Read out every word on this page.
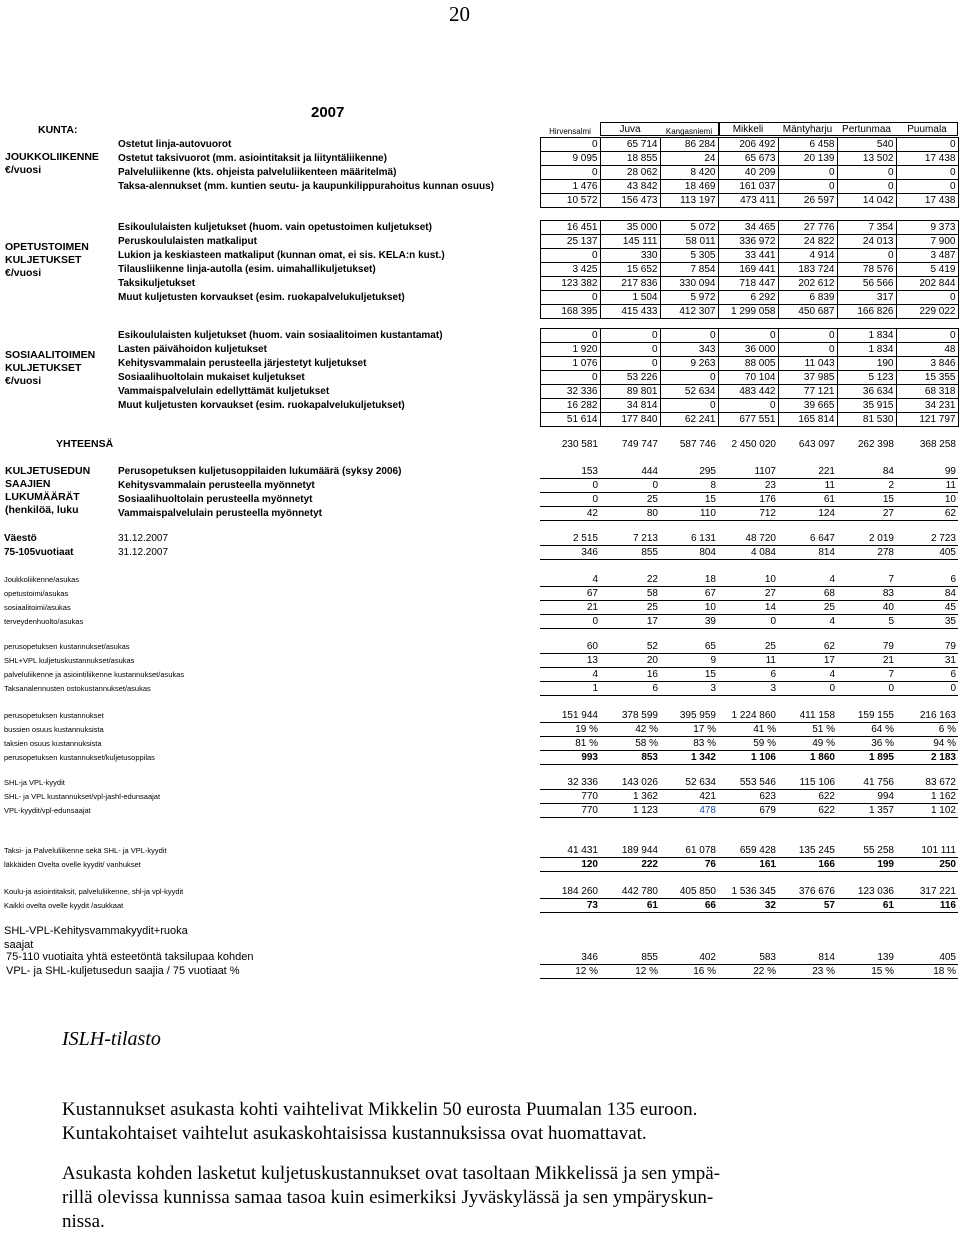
20
2007
Hirvensalmi	Juva	Kangasniemi	Mikkeli	Mäntyharju Pertunmaa	Puumala
KUNTA:
JOUKKOLIIKENNE
€/vuosi
OPETUSTOIMEN
KULJETUKSET
€/vuosi
SOSIAALITOIMEN
KULJETUKSET
€/vuosi
YHTEENSÄ
KULJETUSEDUN
SAAJIEN
LUKUMÄÄRÄT
(henkilöä, luku
Ostetut linja-autovuorot	0	65 714	86 284	206 492	6 458	540	0
Ostetut taksivuorot (mm. asiointitaksit ja liityntäliikenne)	9 095	18 855	24	65 673	20 139	13 502	17 438
Palveluliikenne (kts. ohjeista palveluliikenteen määritelmä)	0	28 062	8 420	40 209	0	0	0
Taksa-alennukset (mm. kuntien seutu- ja kaupunkilippurahoitus kunnan osuus)	1 476	43 842	18 469	161 037	0	0	0
	10 572	156 473	113 197	473 411	26 597	14 042	17 438
Esikoululaisten kuljetukset (huom. vain opetustoimen kuljetukset)	16 451	35 000	5 072	34 465	27 776	7 354	9 373
Peruskoululaisten matkaliput	25 137	145 111	58 011	336 972	24 822	24 013	7 900
Lukion ja keskiasteen matkaliput (kunnan omat, ei sis. KELA:n kust.)	0	330	5 305	33 441	4 914	0	3 487
Tilausliikenne linja-autolla (esim. uimahallikuljetukset)	3 425	15 652	7 854	169 441	183 724	78 576	5 419
Taksikuljetukset	123 382	217 836	330 094	718 447	202 612	56 566	202 844
Muut kuljetusten korvaukset (esim. ruokapalvelukuljetukset)	0	1 504	5 972	6 292	6 839	317	0
	168 395	415 433	412 307	1 299 058	450 687	166 826	229 022
Esikoululaisten kuljetukset (huom. vain sosiaalitoimen kustantamat)	0	0	0	0	0	1 834	0
Lasten päivähoidon kuljetukset	1 920	0	343	36 000	0	1 834	48
Kehitysvammalain perusteella järjestetyt kuljetukset	1 076	0	9 263	88 005	11 043	190	3 846
Sosiaalihuoltolain mukaiset kuljetukset	0	53 226	0	70 104	37 985	5 123	15 355
Vammaispalvelulain edellyttämät kuljetukset	32 336	89 801	52 634	483 442	77 121	36 634	68 318
Muut kuljetusten korvaukset (esim. ruokapalvelukuljetukset)	16 282	34 814	0	0	39 665	35 915	34 231
	51 614	177 840	62 241	677 551	165 814	81 530	121 797
	230 581	749 747	587 746	2 450 020	643 097	262 398	368 258
Perusopetuksen kuljetusoppilaiden lukumäärä (syksy 2006)	153	444	295	1107	221	84	99
Kehitysvammalain perusteella myönnetyt	0	0	8	23	11	2	11
Sosiaalihuoltolain perusteella myönnetyt	0	25	15	176	61	15	10
Vammaispalvelulain perusteella myönnetyt	42	80	110	712	124	27	62
Väestö	31.12.2007	2 515	7 213	6 131	48 720	6 647	2 019	2 723
75-105vuotiaat	31.12.2007	346	855	804	4 084	814	278	405
Joukkoliikenne/asukas	4	22	18	10	4	7	6
opetustoimi/asukas	67	58	67	27	68	83	84
sosiaalitoimi/asukas	21	25	10	14	25	40	45
terveydenhuolto/asukas	0	17	39	0	4	5	35
perusopetuksen kustannukset/asukas	60	52	65	25	62	79	79
SHL+VPL kuljetuskustannukset/asukas	13	20	9	11	17	21	31
palveluliikenne ja asiointiliikenne kustannukset/asukas	4	16	15	6	4	7	6
Taksanalennusten ostokustannukset/asukas	1	6	3	3	0	0	0
perusopetuksen kustannukset	151 944	378 599	395 959	1 224 860	411 158	159 155	216 163
bussien osuus kustannuksista	19 %	42 %	17 %	41 %	51 %	64 %	6 %
taksien osuus kustannuksista	81 %	58 %	83 %	59 %	49 %	36 %	94 %
perusopetuksen kustannukset/kuljetusoppilas	993	853	1 342	1 106	1 860	1 895	2 183
SHL-ja VPL-kyydit	32 336	143 026	52 634	553 546	115 106	41 756	83 672
SHL- ja VPL kustannukset/vpl-jashl-edunsaajat	770	1 362	421	623	622	994	1 162
VPL-kyydit/vpl-edunsaajat	770	1 123	478	679	622	1 357	1 102
Taksi- ja Palveluliikenne sekä SHL- ja VPL-kyydit	41 431	189 944	61 078	659 428	135 245	55 258	101 111
läkkäiden Ovelta ovelle kyydit/ vanhukset	120	222	76	161	166	199	250
Koulu-ja asiointitaksit, palveluliikenne, shl-ja vpl-kyydit	184 260	442 780	405 850	1 536 345	376 676	123 036	317 221
Kaikki ovelta ovelle kyydit /asukkaat	73	61	66	32	57	61	116
SHL-VPL-Kehitysvammakyydit+ruoka
saajat
75-110 vuotiaita yhtä esteetöntä taksilupaa kohden	346	855	402	583	814	139	405
VPL- ja SHL-kuljetusedun saajia / 75 vuotiaat %	12 %	12 %	16 %	22 %	23 %	15 %	18 %
ISLH-tilasto
Kustannukset asukasta kohti vaihtelivat Mikkelin 50 eurosta Puumalan 135 euroon.
Kuntakohtaiset vaihtelut asukaskohtaisissa kustannuksissa ovat huomattavat.
Asukasta kohden lasketut kuljetuskustannukset ovat tasoltaan Mikkelissä ja sen ympä-
rillä olevissa kunnissa samaa tasoa kuin esimerkiksi Jyväskylässä ja sen ympäryskun-
nissa.
